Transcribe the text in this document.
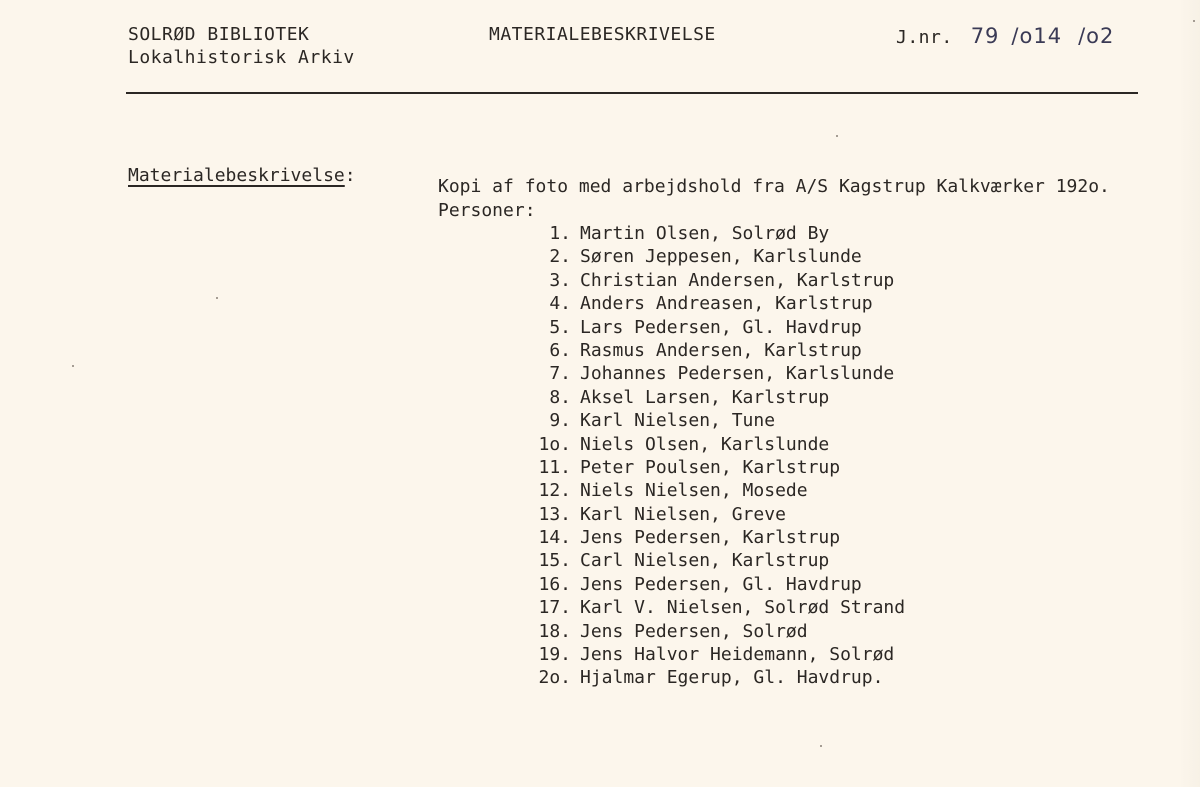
SOLRØD BIBLIOTEK
Lokalhistorisk Arkiv
MATERIALEBESKRIVELSE	J.nr. 79 /o14 /o2
Materialebeskrivelse:
Kopi af foto med arbejdshold fra A/S Kagstrup Kalkværker 192o.
Personer:
1. Martin Olsen, Solrød By
2. Søren Jeppesen, Karlslunde
3. Christian Andersen, Karlstrup
4. Anders Andreasen, Karlstrup
5. Lars Pedersen, Gl. Havdrup
6. Rasmus Andersen, Karlstrup
7. Johannes Pedersen, Karlslunde
8. Aksel Larsen, Karlstrup
9. Karl Nielsen, Tune
1o. Niels Olsen, Karlslunde
11. Peter Poulsen, Karlstrup
12. Niels Nielsen, Mosede
13. Karl Nielsen, Greve
14. Jens Pedersen, Karlstrup
15. Carl Nielsen, Karlstrup
16. Jens Pedersen, Gl. Havdrup
17. Karl V. Nielsen, Solrød Strand
18. Jens Pedersen, Solrød
19. Jens Halvor Heidemann, Solrød
2o. Hjalmar Egerup, Gl. Havdrup.
